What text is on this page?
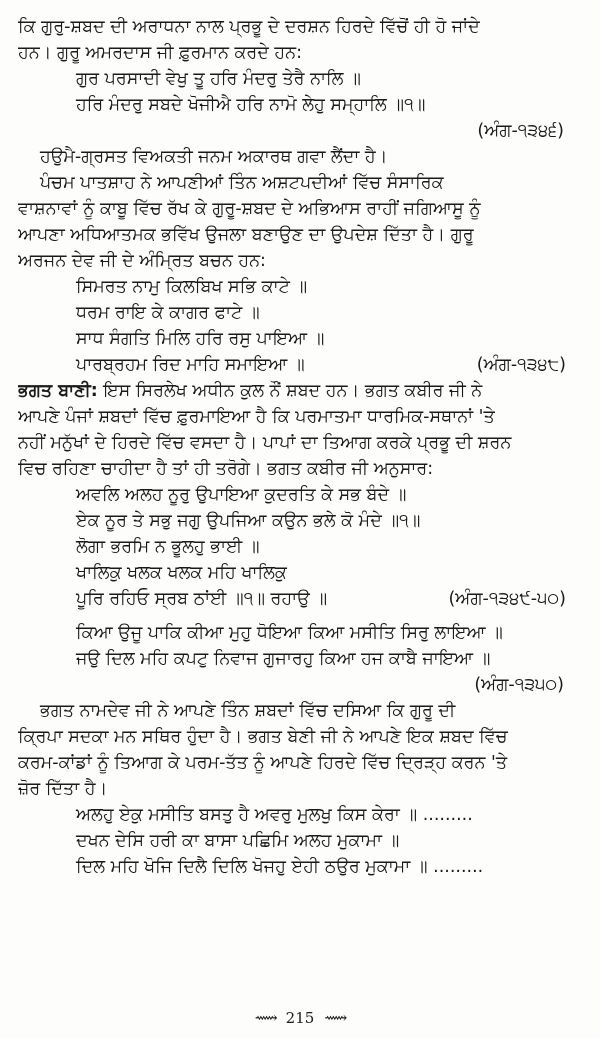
ਕਿ ਗੁਰੁ-ਸ਼ਬਦ ਦੀ ਅਰਾਧਨਾ ਨਾਲ ਪ੍ਰਭੂ ਦੇ ਦਰਸ਼ਨ ਹਿਰਦੇ ਵਿੱਚੋਂ ਹੀ ਹੋ ਜਾਂਦੇ
ਹਨ। ਗੁਰੂ ਅਮਰਦਾਸ ਜੀ ਫ਼ੁਰਮਾਨ ਕਰਦੇ ਹਨ:
ਗੁਰ ਪਰਸਾਦੀ ਵੇਖੁ ਤੂ ਹਰਿ ਮੰਦਰੁ ਤੇਰੈ ਨਾਲਿ ॥
ਹਰਿ ਮੰਦਰੁ ਸਬਦੇ ਖੋਜੀਐ ਹਰਿ ਨਾਮੋ ਲੇਹੁ ਸਮ੍ਹਾਲਿ ॥੧॥
(ਅੰਗ-੧੩੪੬)
ਹਉਮੈ-ਗ੍ਰਸਤ ਵਿਅਕਤੀ ਜਨਮ ਅਕਾਰਥ ਗਵਾ ਲੈਂਦਾ ਹੈ।
ਪੰਚਮ ਪਾਤਸ਼ਾਹ ਨੇ ਆਪਣੀਆਂ ਤਿੰਨ ਅਸ਼ਟਪਦੀਆਂ ਵਿੱਚ ਸੰਸਾਰਿਕ
ਵਾਸ਼ਨਾਵਾਂ ਨੂੰ ਕਾਬੂ ਵਿੱਚ ਰੱਖ ਕੇ ਗੁਰੂ-ਸ਼ਬਦ ਦੇ ਅਭਿਆਸ ਰਾਹੀਂ ਜਗਿਆਸੂ ਨੂੰ
ਆਪਣਾ ਅਧਿਆਤਮਕ ਭਵਿੱਖ ਉਜਲਾ ਬਣਾਉਣ ਦਾ ਉਪਦੇਸ਼ ਦਿੱਤਾ ਹੈ। ਗੁਰੂ
ਅਰਜਨ ਦੇਵ ਜੀ ਦੇ ਅੰਮ੍ਰਿਤ ਬਚਨ ਹਨ:
ਸਿਮਰਤ ਨਾਮੁ ਕਿਲਬਿਖ ਸਭਿ ਕਾਟੇ ॥
ਧਰਮ ਰਾਇ ਕੇ ਕਾਗਰ ਫਾਟੇ ॥
ਸਾਧ ਸੰਗਤਿ ਮਿਲਿ ਹਰਿ ਰਸੁ ਪਾਇਆ ॥
ਪਾਰਬ੍ਰਹਮ ਰਿਦ ਮਾਹਿ ਸਮਾਇਆ ॥	(ਅੰਗ-੧੩੪੮)
ਭਗਤ ਬਾਣੀ: ਇਸ ਸਿਰਲੇਖ ਅਧੀਨ ਕੁਲ ਨੌਂ ਸ਼ਬਦ ਹਨ। ਭਗਤ ਕਬੀਰ ਜੀ ਨੇ
ਆਪਣੇ ਪੰਜਾਂ ਸ਼ਬਦਾਂ ਵਿੱਚ ਫ਼ੁਰਮਾਇਆ ਹੈ ਕਿ ਪਰਮਾਤਮਾ ਧਾਰਮਿਕ-ਸਥਾਨਾਂ 'ਤੇ
ਨਹੀਂ ਮਨੁੱਖਾਂ ਦੇ ਹਿਰਦੇ ਵਿੱਚ ਵਸਦਾ ਹੈ। ਪਾਪਾਂ ਦਾ ਤਿਆਗ ਕਰਕੇ ਪ੍ਰਭੂ ਦੀ ਸ਼ਰਨ
ਵਿਚ ਰਹਿਣਾ ਚਾਹੀਦਾ ਹੈ ਤਾਂ ਹੀ ਤਰੋਗੇ। ਭਗਤ ਕਬੀਰ ਜੀ ਅਨੁਸਾਰ:
ਅਵਲਿ ਅਲਹ ਨੂਰੁ ਉਪਾਇਆ ਕੁਦਰਤਿ ਕੇ ਸਭ ਬੰਦੇ ॥
ਏਕ ਨੂਰ ਤੇ ਸਭੁ ਜਗੁ ਉਪਜਿਆ ਕਉਨ ਭਲੇ ਕੋ ਮੰਦੇ ॥੧॥
ਲੋਗਾ ਭਰਮਿ ਨ ਭੂਲਹੁ ਭਾਈ ॥
ਖਾਲਿਕੁ ਖਲਕ ਖਲਕ ਮਹਿ ਖਾਲਿਕੁ
ਪੂਰਿ ਰਹਿਓ ਸ੍ਰਬ ਠਾਂਈ ॥੧॥ ਰਹਾਉ ॥	(ਅੰਗ-੧੩੪੯-੫੦)
ਕਿਆ ਉਜੂ ਪਾਕਿ ਕੀਆ ਮੁਹੁ ਧੋਇਆ ਕਿਆ ਮਸੀਤਿ ਸਿਰੁ ਲਾਇਆ ॥
ਜਉ ਦਿਲ ਮਹਿ ਕਪਟੁ ਨਿਵਾਜ ਗੁਜਾਰਹੁ ਕਿਆ ਹਜ ਕਾਬੈ ਜਾਇਆ ॥
(ਅੰਗ-੧੩੫੦)
ਭਗਤ ਨਾਮਦੇਵ ਜੀ ਨੇ ਆਪਣੇ ਤਿੰਨ ਸ਼ਬਦਾਂ ਵਿੱਚ ਦਸਿਆ ਕਿ ਗੁਰੂ ਦੀ
ਕ੍ਰਿਪਾ ਸਦਕਾ ਮਨ ਸਥਿਰ ਹੁੰਦਾ ਹੈ। ਭਗਤ ਬੇਣੀ ਜੀ ਨੇ ਆਪਣੇ ਇਕ ਸ਼ਬਦ ਵਿੱਚ
ਕਰਮ-ਕਾਂਡਾਂ ਨੂੰ ਤਿਆਗ ਕੇ ਪਰਮ-ਤੱਤ ਨੂੰ ਆਪਣੇ ਹਿਰਦੇ ਵਿੱਚ ਦ੍ਰਿੜ੍ਹ ਕਰਨ 'ਤੇ
ਜ਼ੋਰ ਦਿੱਤਾ ਹੈ।
ਅਲਹੁ ਏਕੁ ਮਸੀਤਿ ਬਸਤੁ ਹੈ ਅਵਰੁ ਮੁਲਖੁ ਕਿਸ ਕੇਰਾ ॥ .........
ਦਖਨ ਦੇਸਿ ਹਰੀ ਕਾ ਬਾਸਾ ਪਛਿਮਿ ਅਲਹ ਮੁਕਾਮਾ ॥
ਦਿਲ ਮਹਿ ਖੋਜਿ ਦਿਲੈ ਦਿਲਿ ਖੋਜਹੁ ਏਹੀ ਠਉਰ ਮੁਕਾਮਾ ॥ .........
⟿ 215 ⟿
